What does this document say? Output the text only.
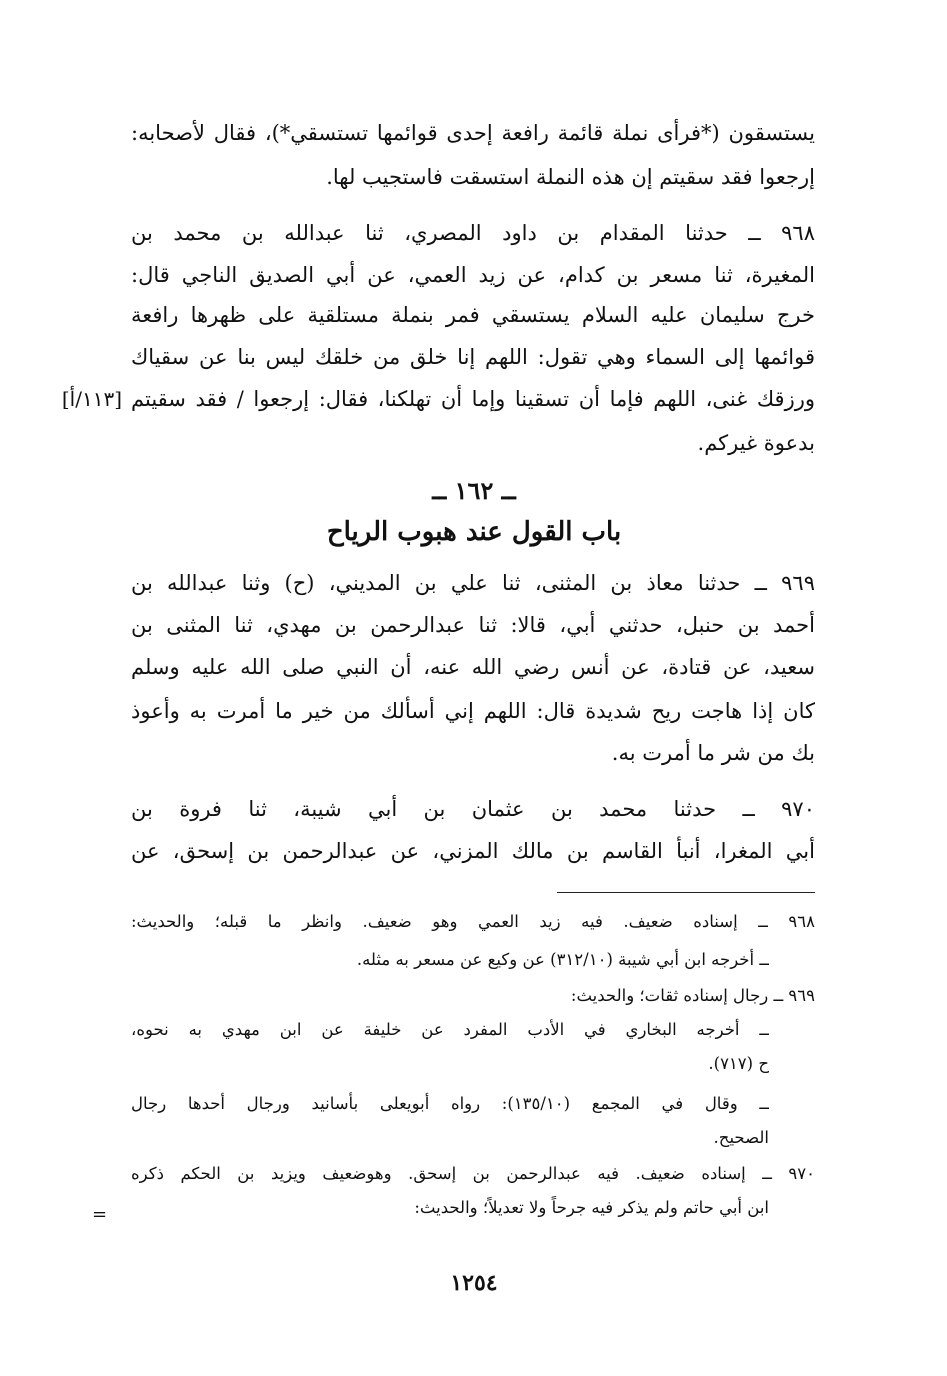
يستسقون (*فرأى نملة قائمة رافعة إحدى قوائمها تستسقي*)، فقال لأصحابه:
إرجعوا فقد سقيتم إن هذه النملة استسقت فاستجيب لها.
٩٦٨ ــ حدثنا المقدام بن داود المصري، ثنا عبدالله بن محمد بن
المغيرة، ثنا مسعر بن كدام، عن زيد العمي، عن أبي الصديق الناجي قال:
خرج سليمان عليه السلام يستسقي فمر بنملة مستلقية على ظهرها رافعة
قوائمها إلى السماء وهي تقول: اللهم إنا خلق من خلقك ليس بنا عن سقياك
ورزقك غنى، اللهم فإما أن تسقينا وإما أن تهلكنا، فقال: إرجعوا / فقد سقيتم
[١١٣/أ]
بدعوة غيركم.
ــ ١٦٢ ــ
باب القول عند هبوب الرياح
٩٦٩ ــ حدثنا معاذ بن المثنى، ثنا علي بن المديني، (ح) وثنا عبدالله بن
أحمد بن حنبل، حدثني أبي، قالا: ثنا عبدالرحمن بن مهدي، ثنا المثنى بن
سعيد، عن قتادة، عن أنس رضي الله عنه، أن النبي صلى الله عليه وسلم
كان إذا هاجت ريح شديدة قال: اللهم إني أسألك من خير ما أمرت به وأعوذ
بك من شر ما أمرت به.
٩٧٠ ــ حدثنا محمد بن عثمان بن أبي شيبة، ثنا فروة بن
أبي المغرا، أنبأ القاسم بن مالك المزني، عن عبدالرحمن بن إسحق، عن
٩٦٨ ــ إسناده ضعيف. فيه زيد العمي وهو ضعيف. وانظر ما قبله؛ والحديث:
ــ أخرجه ابن أبي شيبة (٣١٢/١٠) عن وكيع عن مسعر به مثله.
٩٦٩ ــ رجال إسناده ثقات؛ والحديث:
ــ أخرجه البخاري في الأدب المفرد عن خليفة عن ابن مهدي به نحوه،
ح (٧١٧).
ــ وقال في المجمع (١٣٥/١٠): رواه أبويعلى بأسانيد ورجال أحدها رجال
الصحيح.
٩٧٠ ــ إسناده ضعيف. فيه عبدالرحمن بن إسحق. وهوضعيف ويزيد بن الحكم ذكره
ابن أبي حاتم ولم يذكر فيه جرحاً ولا تعديلاً؛ والحديث:
=
١٢٥٤
